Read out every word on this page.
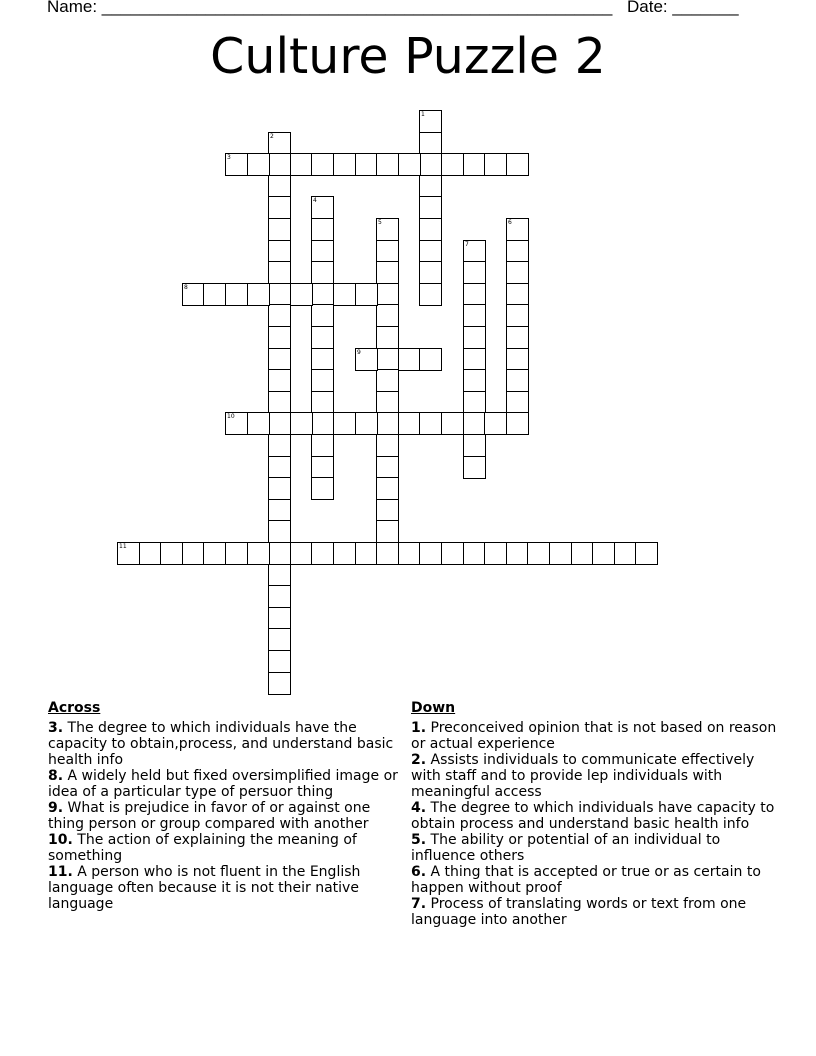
Name: ______________________________________________________ Date: _______
Culture Puzzle 2
1
2
3
4
5	6
7
8
9
10
11
Across
3. The degree to which individuals have the capacity to obtain,process, and understand basic health info
8. A widely held but fixed oversimplified image or idea of a particular type of persuor thing
9. What is prejudice in favor of or against one thing person or group compared with another
10. The action of explaining the meaning of something
11. A person who is not fluent in the English language often because it is not their native language
Down
1. Preconceived opinion that is not based on reason or actual experience
2. Assists individuals to communicate effectively with staff and to provide lep individuals with meaningful access
4. The degree to which individuals have capacity to obtain process and understand basic health info
5. The ability or potential of an individual to influence others
6. A thing that is accepted or true or as certain to happen without proof
7. Process of translating words or text from one language into another
